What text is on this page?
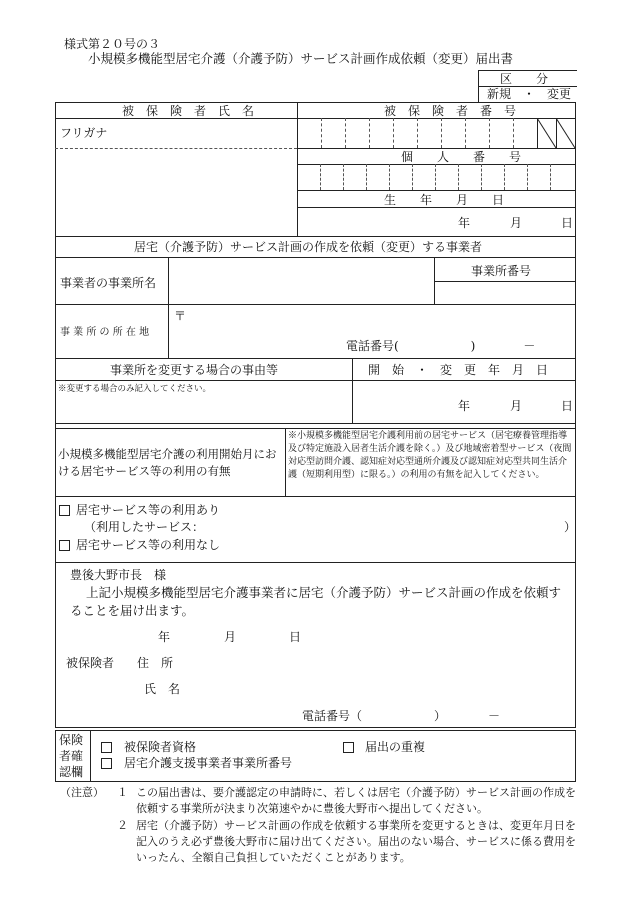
様式第２０号の３
小規模多機能型居宅介護（介護予防）サービス計画作成依頼（変更）届出書
区　　分
新規　・　変更
被　保　険　者　氏　名	被　保　険　者　番　号
フリガナ
個　　人　　番　　号
生　　年　　月　　日
年	月	日
居宅（介護予防）サービス計画の作成を依頼（変更）する事業者
事業者の事業所名
事業所番号
事 業 所 の 所 在 地
〒
電話番号(　　　　　　)　　　　－
事業所を変更する場合の事由等	開　始　・　変　更　年　月　日
※変更する場合のみ記入してください。
年	月	日
小規模多機能型居宅介護の利用開始月における居宅サービス等の利用の有無
※小規模多機能型居宅介護利用前の居宅サービス（居宅療養管理指導及び特定施設入居者生活介護を除く。）及び地域密着型サービス（夜間対応型訪問介護、認知症対応型通所介護及び認知症対応型共同生活介護（短期利用型）に限る。）の利用の有無を記入してください。
居宅サービス等の利用あり
（利用したサービス：	）
居宅サービス等の利用なし
豊後大野市長　様
上記小規模多機能型居宅介護事業者に居宅（介護予防）サービス計画の作成を依頼することを届け出ます。
年	月	日
被保険者 住　所
氏　名
電話番号（　　　　　　）　　　　－
保険者確認欄
被保険者資格	届出の重複
居宅介護支援事業者事業所番号
（注意） １ この届出書は、要介護認定の申請時に、若しくは居宅（介護予防）サービス計画の作成を依頼する事業所が決まり次第速やかに豊後大野市へ提出してください。
２ 居宅（介護予防）サービス計画の作成を依頼する事業所を変更するときは、変更年月日を記入のうえ必ず豊後大野市に届け出てください。届出のない場合、サービスに係る費用をいったん、全額自己負担していただくことがあります。
